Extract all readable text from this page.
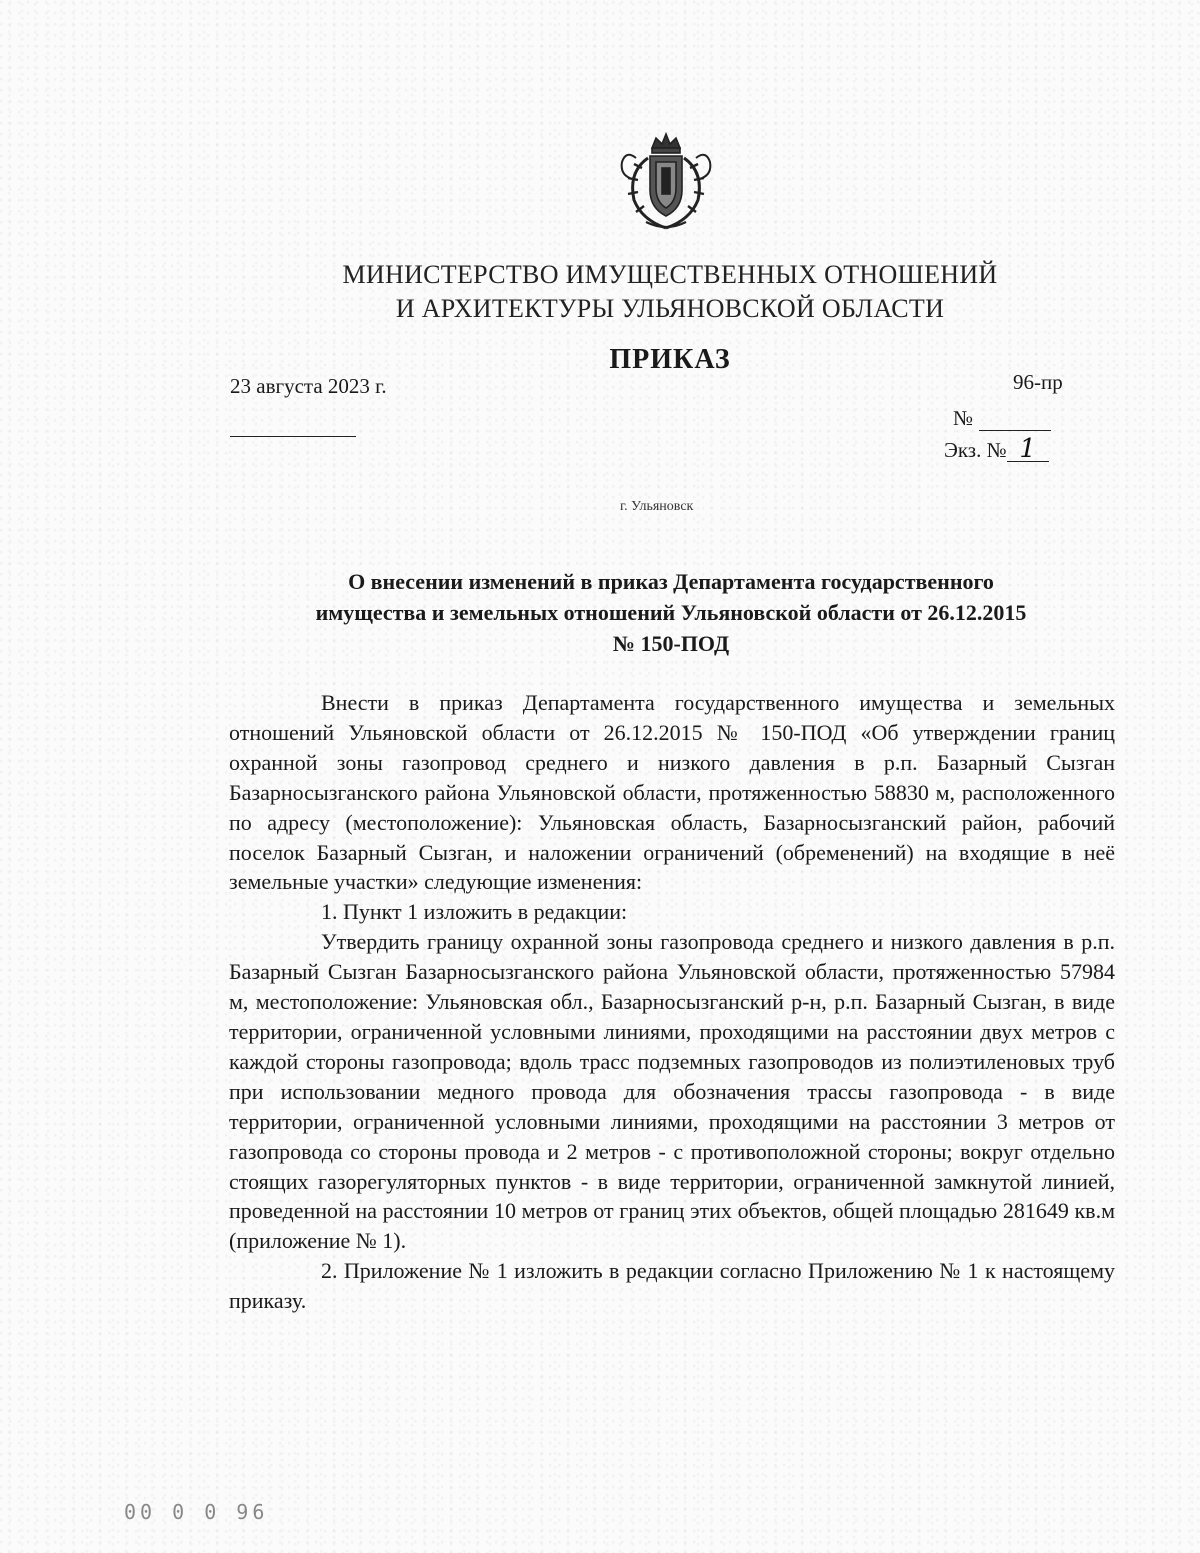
МИНИСТЕРСТВО ИМУЩЕСТВЕННЫХ ОТНОШЕНИЙ
И АРХИТЕКТУРЫ УЛЬЯНОВСКОЙ ОБЛАСТИ
ПРИКАЗ
23 августа 2023 г.	96-пр
№
Экз. № 1
г. Ульяновск
О внесении изменений в приказ Департамента государственного
имущества и земельных отношений Ульяновской области от 26.12.2015
№ 150-ПОД

Внести в приказ Департамента государственного имущества и земельных отношений Ульяновской области от 26.12.2015 № 150-ПОД «Об утверждении границ охранной зоны газопровод среднего и низкого давления в р.п. Базарный Сызган Базарносызганского района Ульяновской области, протяженностью 58830 м, расположенного по адресу (местоположение): Ульяновская область, Базарносызганский район, рабочий поселок Базарный Сызган, и наложении ограничений (обременений) на входящие в неё земельные участки» следующие изменения:

1. Пункт 1 изложить в редакции:

Утвердить границу охранной зоны газопровода среднего и низкого давления в р.п. Базарный Сызган Базарносызганского района Ульяновской области, протяженностью 57984 м, местоположение: Ульяновская обл., Базарносызганский р-н, р.п. Базарный Сызган, в виде территории, ограниченной условными линиями, проходящими на расстоянии двух метров с каждой стороны газопровода; вдоль трасс подземных газопроводов из полиэтиленовых труб при использовании медного провода для обозначения трассы газопровода - в виде территории, ограниченной условными линиями, проходящими на расстоянии 3 метров от газопровода со стороны провода и 2 метров - с противоположной стороны; вокруг отдельно стоящих газорегуляторных пунктов - в виде территории, ограниченной замкнутой линией, проведенной на расстоянии 10 метров от границ этих объектов, общей площадью 281649 кв.м (приложение № 1).

2. Приложение № 1 изложить в редакции согласно Приложению № 1 к настоящему приказу.

00 0 0 96
